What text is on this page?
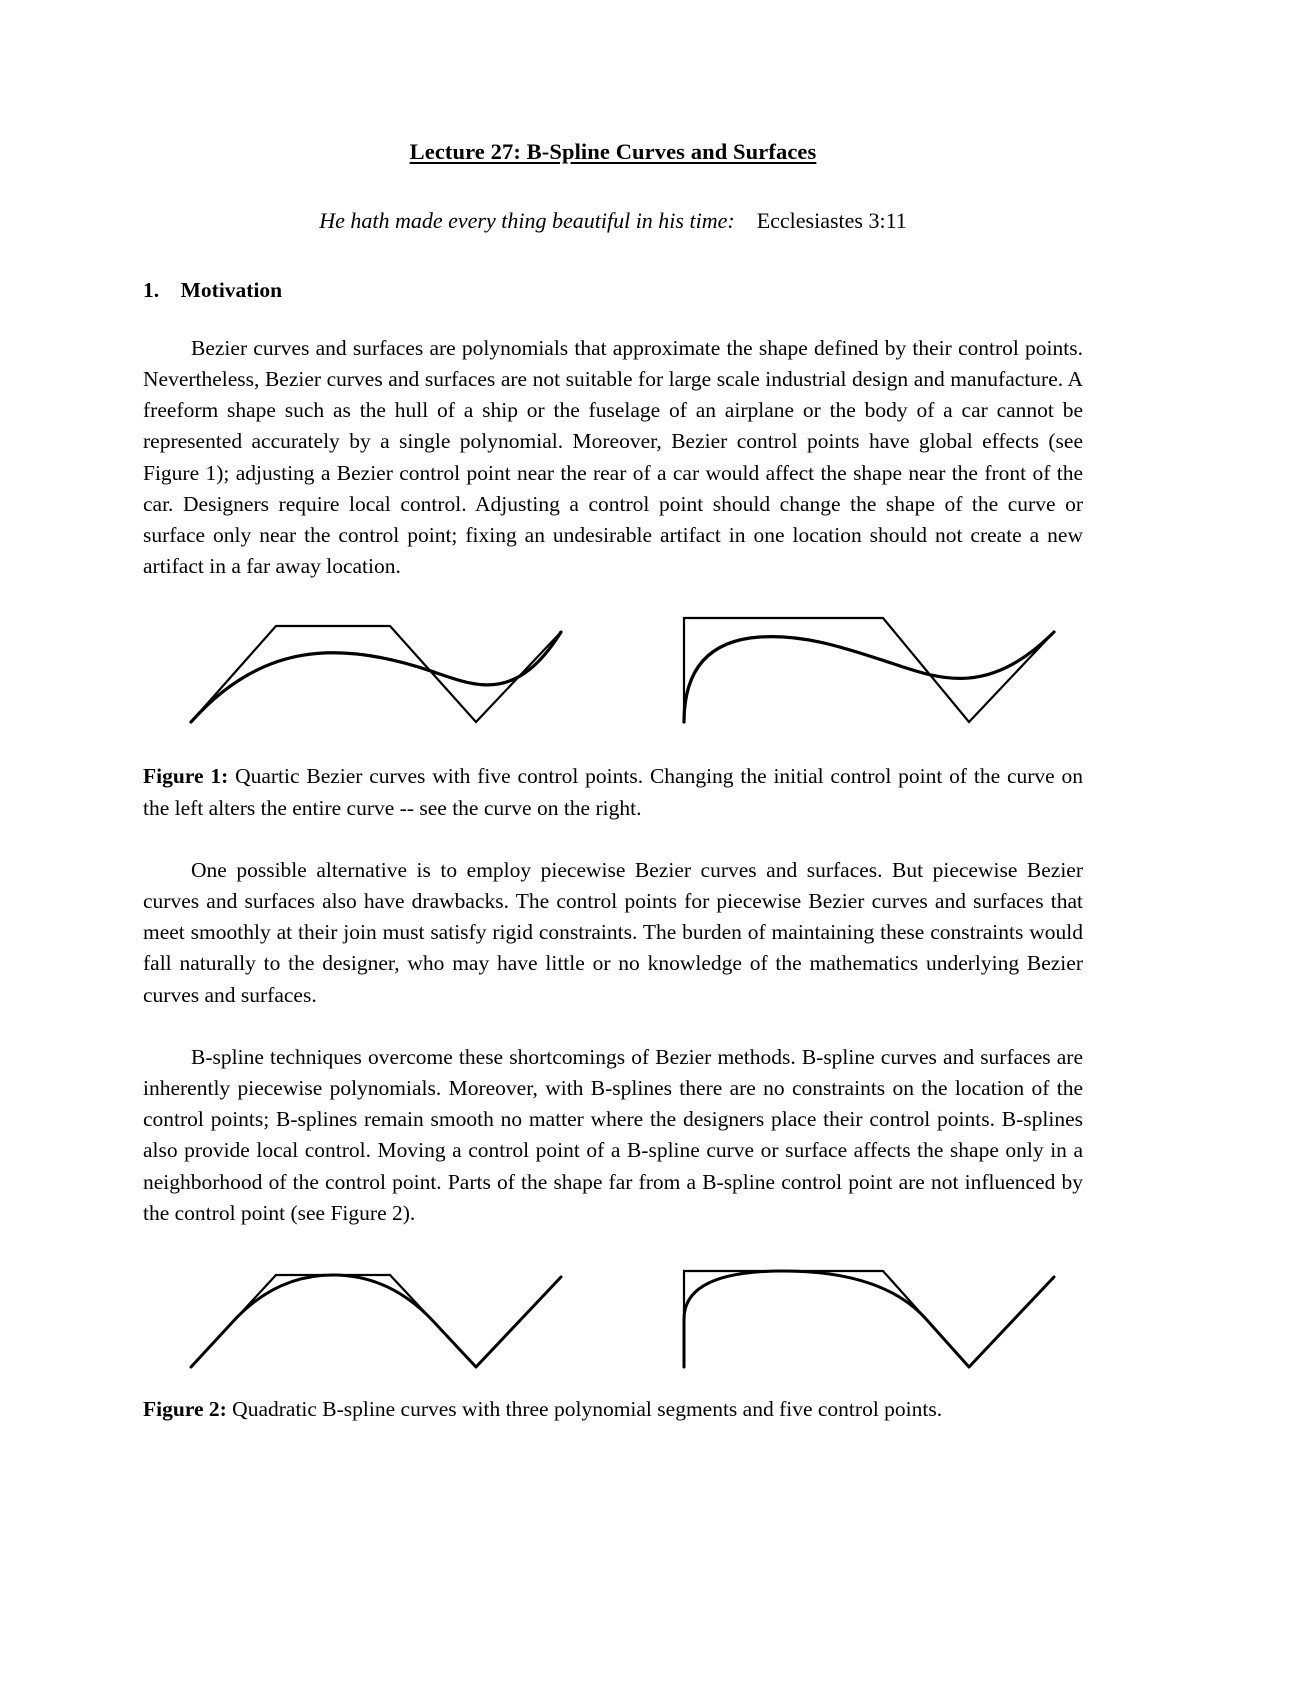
Lecture 27: B-Spline Curves and Surfaces
He hath made every thing beautiful in his time: Ecclesiastes 3:11
1. Motivation

Bezier curves and surfaces are polynomials that approximate the shape defined by their control points. Nevertheless, Bezier curves and surfaces are not suitable for large scale industrial design and manufacture. A freeform shape such as the hull of a ship or the fuselage of an airplane or the body of a car cannot be represented accurately by a single polynomial. Moreover, Bezier control points have global effects (see Figure 1); adjusting a Bezier control point near the rear of a car would affect the shape near the front of the car. Designers require local control. Adjusting a control point should change the shape of the curve or surface only near the control point; fixing an undesirable artifact in one location should not create a new artifact in a far away location.

Figure 1: Quartic Bezier curves with five control points. Changing the initial control point of the curve on the left alters the entire curve -- see the curve on the right.

One possible alternative is to employ piecewise Bezier curves and surfaces. But piecewise Bezier curves and surfaces also have drawbacks. The control points for piecewise Bezier curves and surfaces that meet smoothly at their join must satisfy rigid constraints. The burden of maintaining these constraints would fall naturally to the designer, who may have little or no knowledge of the mathematics underlying Bezier curves and surfaces.

B-spline techniques overcome these shortcomings of Bezier methods. B-spline curves and surfaces are inherently piecewise polynomials. Moreover, with B-splines there are no constraints on the location of the control points; B-splines remain smooth no matter where the designers place their control points. B-splines also provide local control. Moving a control point of a B-spline curve or surface affects the shape only in a neighborhood of the control point. Parts of the shape far from a B-spline control point are not influenced by the control point (see Figure 2).

Figure 2: Quadratic B-spline curves with three polynomial segments and five control points.
